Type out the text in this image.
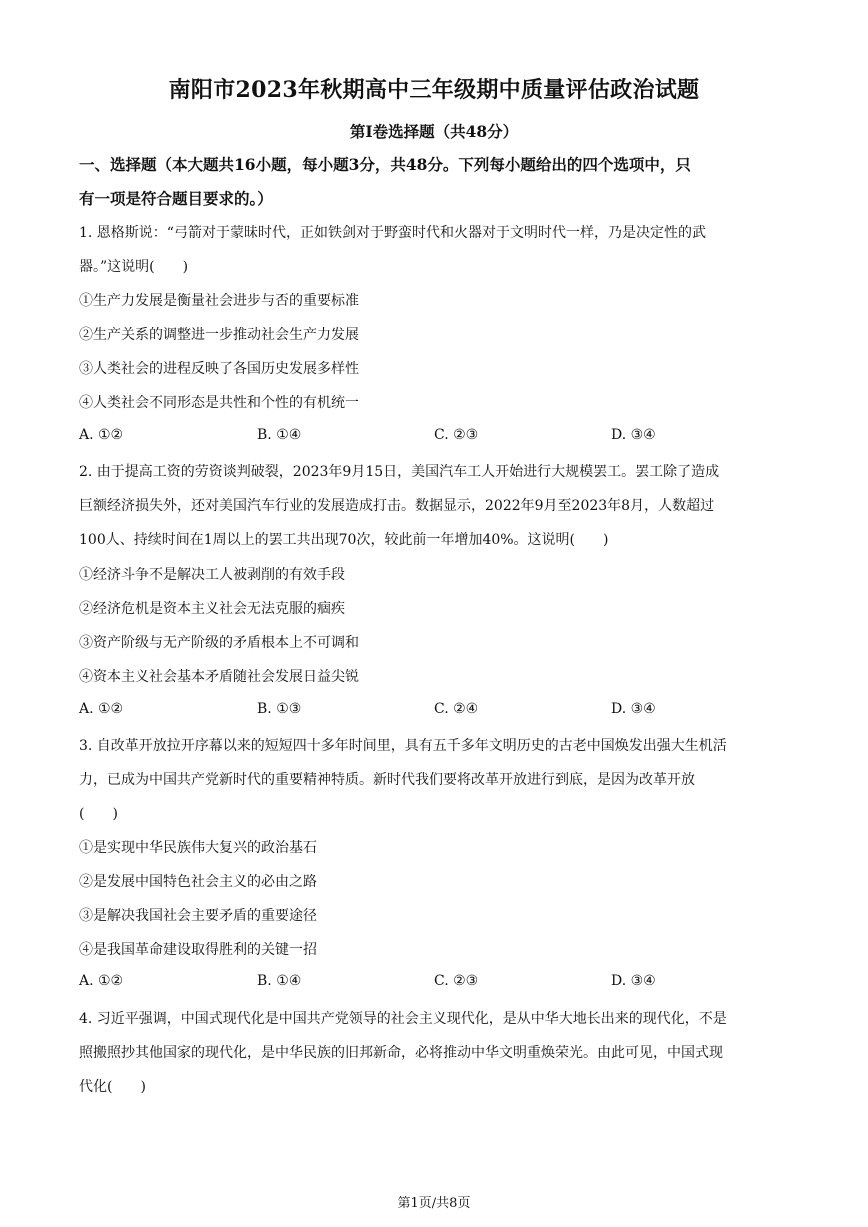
南阳市2023年秋期高中三年级期中质量评估政治试题
第Ⅰ卷选择题（共48分）
一、选择题（本大题共16小题，每小题3分，共48分。下列每小题给出的四个选项中，只
有一项是符合题目要求的。）
1. 恩格斯说：“弓箭对于蒙昧时代，正如铁剑对于野蛮时代和火器对于文明时代一样，乃是决定性的武
器。”这说明(　　)
①生产力发展是衡量社会进步与否的重要标准
②生产关系的调整进一步推动社会生产力发展
③人类社会的进程反映了各国历史发展多样性
④人类社会不同形态是共性和个性的有机统一
A. ①②	B. ①④	C. ②③	D. ③④
2. 由于提高工资的劳资谈判破裂，2023年9月15日，美国汽车工人开始进行大规模罢工。罢工除了造成
巨额经济损失外，还对美国汽车行业的发展造成打击。数据显示，2022年9月至2023年8月，人数超过
100人、持续时间在1周以上的罢工共出现70次，较此前一年增加40%。这说明(　　)
①经济斗争不是解决工人被剥削的有效手段
②经济危机是资本主义社会无法克服的痼疾
③资产阶级与无产阶级的矛盾根本上不可调和
④资本主义社会基本矛盾随社会发展日益尖锐
A. ①②	B. ①③	C. ②④	D. ③④
3. 自改革开放拉开序幕以来的短短四十多年时间里，具有五千多年文明历史的古老中国焕发出强大生机活
力，已成为中国共产党新时代的重要精神特质。新时代我们要将改革开放进行到底，是因为改革开放
(　　)
①是实现中华民族伟大复兴的政治基石
②是发展中国特色社会主义的必由之路
③是解决我国社会主要矛盾的重要途径
④是我国革命建设取得胜利的关键一招
A. ①②	B. ①④	C. ②③	D. ③④
4. 习近平强调，中国式现代化是中国共产党领导的社会主义现代化，是从中华大地长出来的现代化，不是
照搬照抄其他国家的现代化，是中华民族的旧邦新命，必将推动中华文明重焕荣光。由此可见，中国式现
代化(　　)
第1页/共8页
